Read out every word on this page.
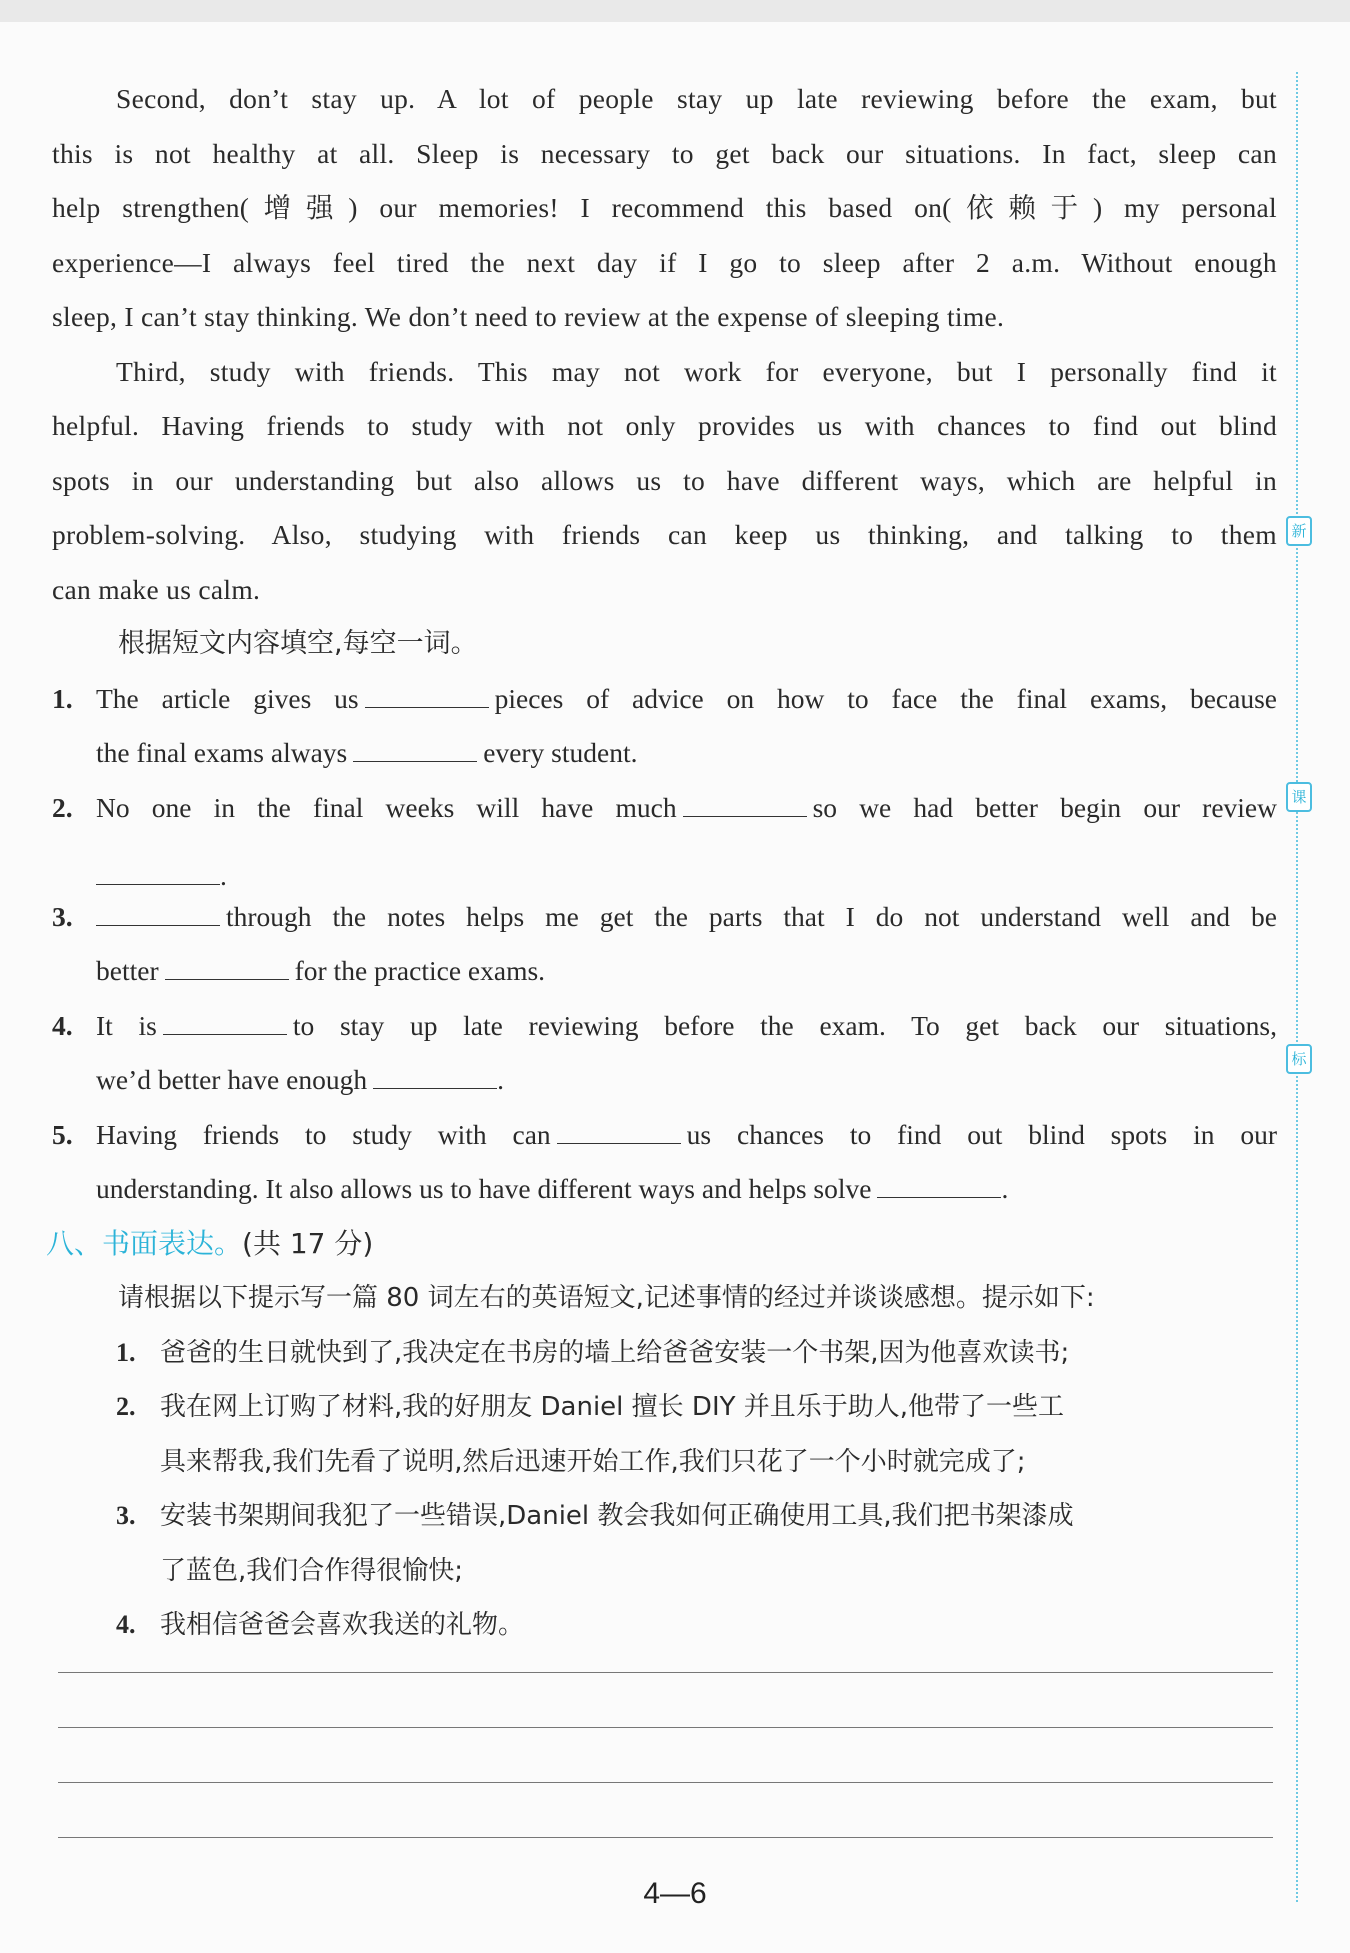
新
课
标

Second, don’t stay up. A lot of people stay up late reviewing before the exam, but

this is not healthy at all. Sleep is necessary to get back our situations. In fact, sleep can

help strengthen(增强) our memories! I recommend this based on(依赖于) my personal

experience—I always feel tired the next day if I go to sleep after 2 a.m. Without enough

sleep, I can’t stay thinking. We don’t need to review at the expense of sleeping time.

Third, study with friends. This may not work for everyone, but I personally find it

helpful. Having friends to study with not only provides us with chances to find out blind

spots in our understanding but also allows us to have different ways, which are helpful in

problem-solving. Also, studying with friends can keep us thinking, and talking to them

can make us calm.

根据短文内容填空,每空一词。
1. The article gives us	pieces of advice on how to face the final exams, because
the final exams always	every student.
2. No one in the final weeks will have much	so we had better begin our review
.
3.	through the notes helps me get the parts that I do not understand well and be
better	for the practice exams.
4. It is	to stay up late reviewing before the exam. To get back our situations,
we’d better have enough	.
5. Having friends to study with can	us chances to find out blind spots in our
understanding. It also allows us to have different ways and helps solve	.
八、书面表达。(共 17 分)
请根据以下提示写一篇 80 词左右的英语短文,记述事情的经过并谈谈感想。提示如下:
1. 爸爸的生日就快到了,我决定在书房的墙上给爸爸安装一个书架,因为他喜欢读书;
2. 我在网上订购了材料,我的好朋友 Daniel 擅长 DIY 并且乐于助人,他带了一些工
具来帮我,我们先看了说明,然后迅速开始工作,我们只花了一个小时就完成了;
3. 安装书架期间我犯了一些错误,Daniel 教会我如何正确使用工具,我们把书架漆成
了蓝色,我们合作得很愉快;
4. 我相信爸爸会喜欢我送的礼物。
4—6
